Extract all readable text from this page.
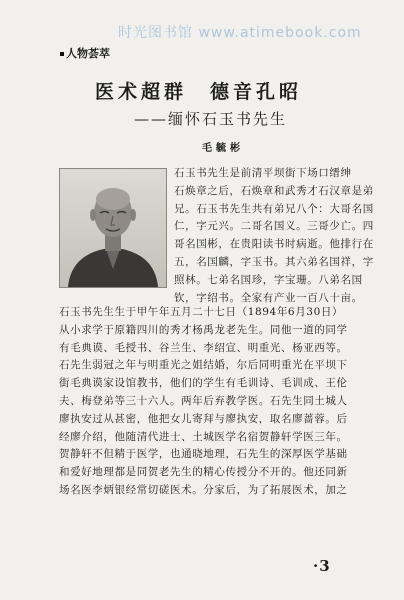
时光图书馆 www.atimebook.com
人物荟萃
医术超群　德音孔昭
——缅怀石玉书先生
毛毓彬
石玉书先生是前清平坝街下场口缙绅
石焕章之后，石焕章和武秀才石汉章是弟
兄。石玉书先生共有弟兄八个：大哥名国
仁，字元兴。二哥名国义。三哥少亡。四
哥名国彬，在贵阳读书时病逝。他排行在
五，名国麟，字玉书。其六弟名国祥，字
照林。七弟名国珍，字宝珊。八弟名国
钦，字绍书。全家有产业一百八十亩。
石玉书先生生于甲午年五月二十七日（1894年6月30日）
从小求学于原籍四川的秀才杨禹龙老先生。同他一道的同学
有毛典谟、毛授书、谷兰生、李绍宣、明重光、杨亚西等。
石先生弱冠之年与明重光之姐结婚，尔后同明重光在平坝下
街毛典谟家设馆教书，他们的学生有毛训诗、毛训成、王伦
夫、梅登弟等三十六人。两年后弃教学医。石先生同土城人
廖执安过从甚密，他把女儿寄拜与廖执安，取名廖蔷蓉。后
经廖介绍，他随清代进士、土城医学名宿贺静轩学医三年。
贺静轩不但精于医学，也通晓地理，石先生的深厚医学基础
和爱好地理都是同贺老先生的精心传授分不开的。他还同新
场名医李炳银经常切磋医术。分家后，为了拓展医术，加之
· 3
